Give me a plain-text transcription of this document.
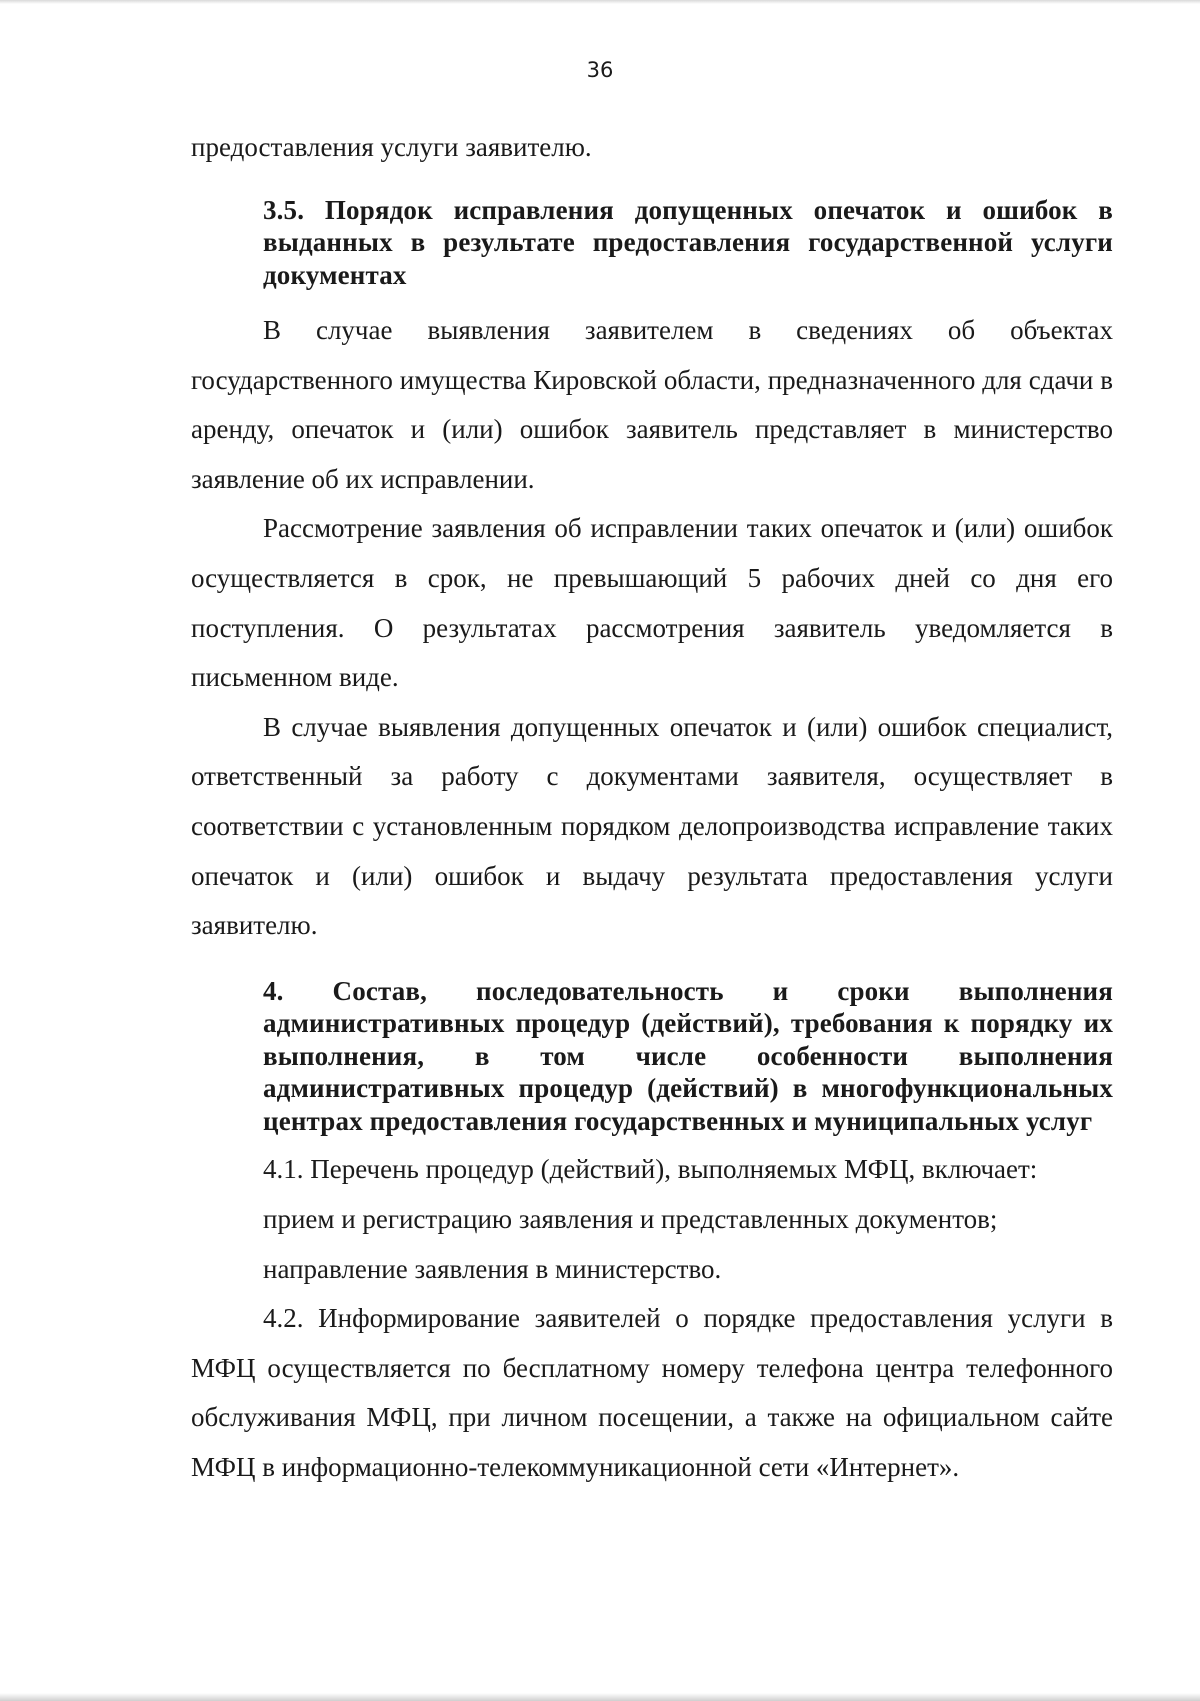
36

предоставления услуги заявителю.

3.5. Порядок исправления допущенных опечаток и ошибок в выданных в результате предоставления государственной услуги документах

В случае выявления заявителем в сведениях об объектах государственного имущества Кировской области, предназначенного для сдачи в аренду, опечаток и (или) ошибок заявитель представляет в министерство заявление об их исправлении.

Рассмотрение заявления об исправлении таких опечаток и (или) ошибок осуществляется в срок, не превышающий 5 рабочих дней со дня его поступления. О результатах рассмотрения заявитель уведомляется в письменном виде.

В случае выявления допущенных опечаток и (или) ошибок специалист, ответственный за работу с документами заявителя, осуществляет в соответствии с установленным порядком делопроизводства исправление таких опечаток и (или) ошибок и выдачу результата предоставления услуги заявителю.

4. Состав, последовательность и сроки выполнения административных процедур (действий), требования к порядку их выполнения, в том числе особенности выполнения административных процедур (действий) в многофункциональных центрах предоставления государственных и муниципальных услуг

4.1. Перечень процедур (действий), выполняемых МФЦ, включает:

прием и регистрацию заявления и представленных документов;

направление заявления в министерство.

4.2. Информирование заявителей о порядке предоставления услуги в МФЦ осуществляется по бесплатному номеру телефона центра телефонного обслуживания МФЦ, при личном посещении, а также на официальном сайте МФЦ в информационно-телекоммуникационной сети «Интернет».
